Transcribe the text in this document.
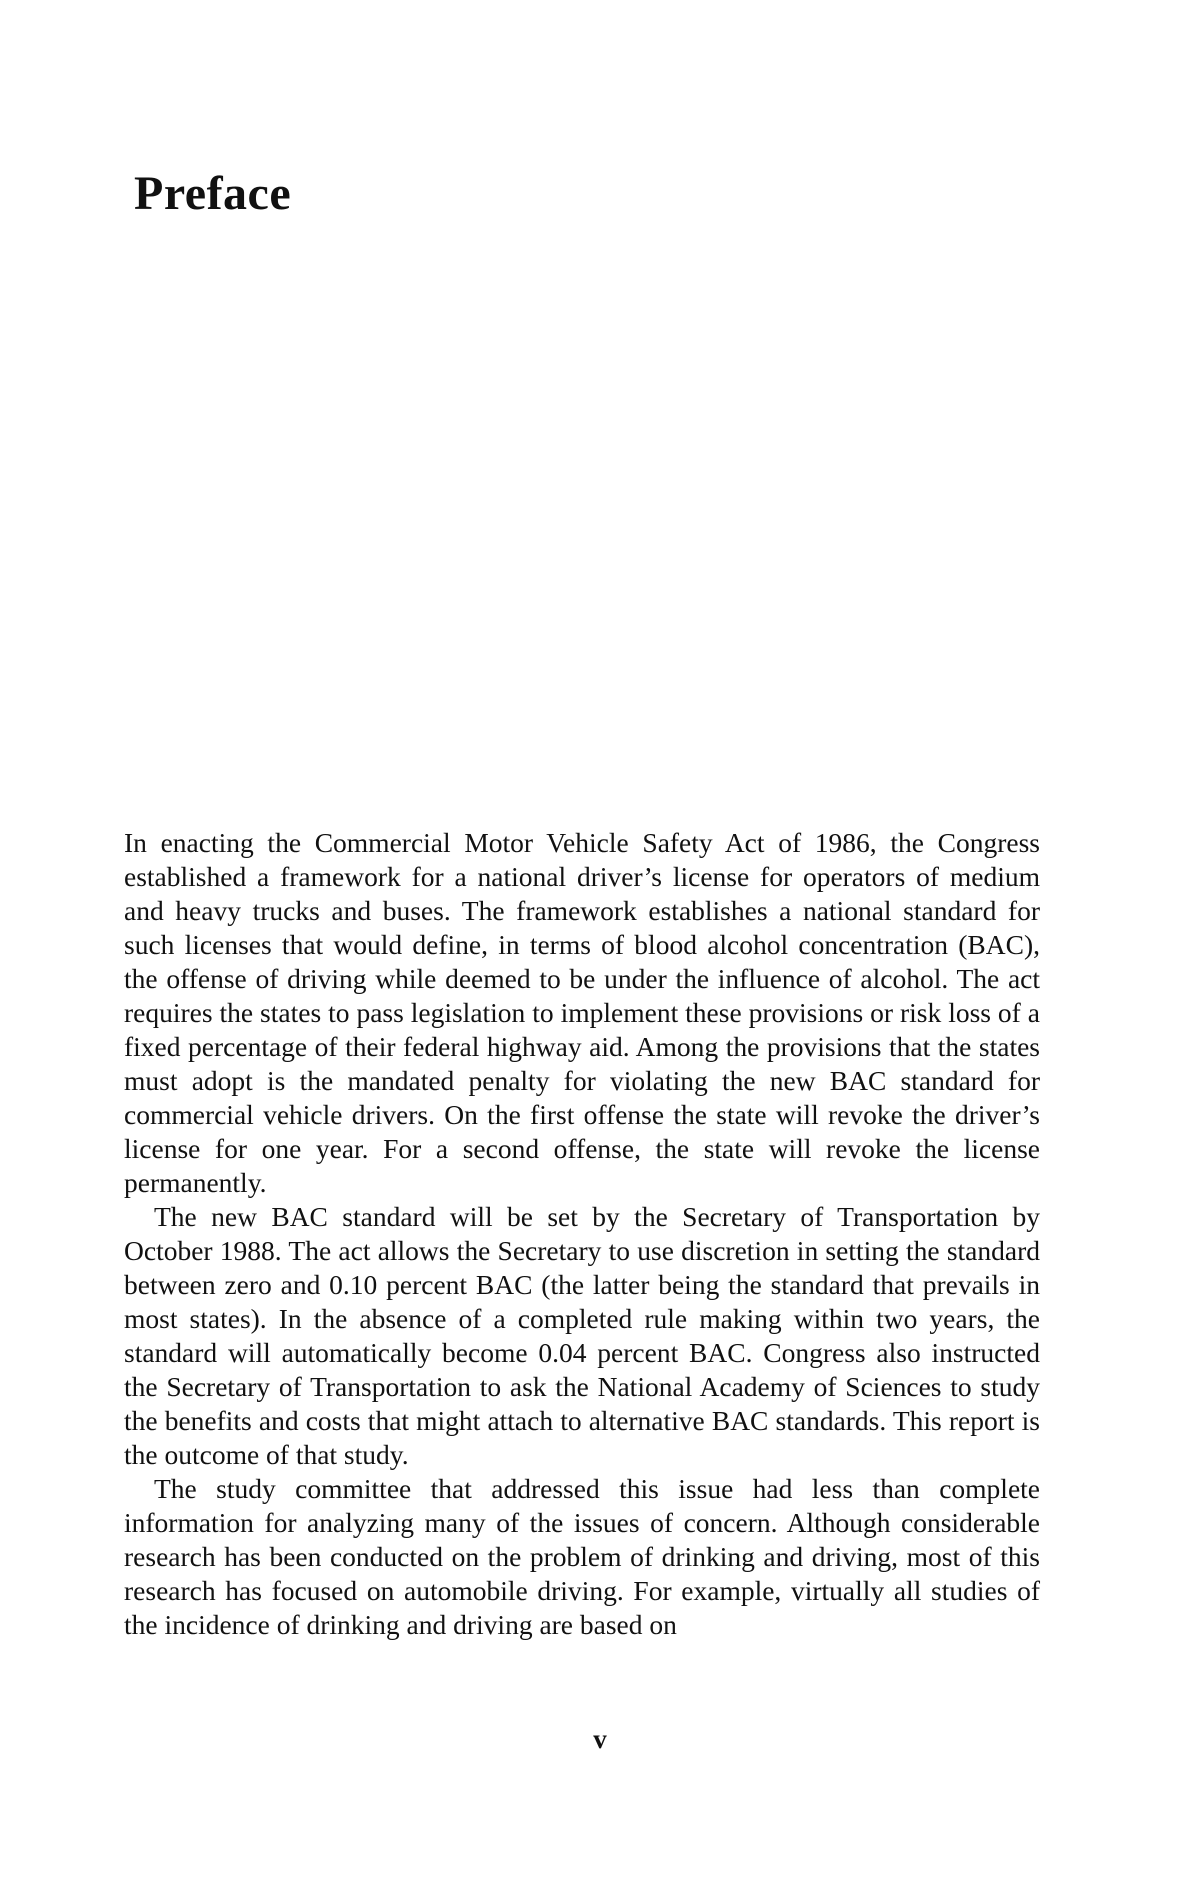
Preface

In enacting the Commercial Motor Vehicle Safety Act of 1986, the Congress established a framework for a national driver’s license for operators of medium and heavy trucks and buses. The framework establishes a national standard for such licenses that would define, in terms of blood alcohol concentration (BAC), the offense of driving while deemed to be under the influence of alcohol. The act requires the states to pass legislation to implement these provisions or risk loss of a fixed percentage of their federal highway aid. Among the provisions that the states must adopt is the mandated penalty for violating the new BAC standard for commercial vehicle drivers. On the first offense the state will revoke the driver’s license for one year. For a second offense, the state will revoke the license permanently.

The new BAC standard will be set by the Secretary of Transportation by October 1988. The act allows the Secretary to use discretion in setting the standard between zero and 0.10 percent BAC (the latter being the standard that prevails in most states). In the absence of a completed rule making within two years, the standard will automatically become 0.04 percent BAC. Congress also instructed the Secretary of Transportation to ask the National Academy of Sciences to study the benefits and costs that might attach to alternative BAC standards. This report is the outcome of that study.

The study committee that addressed this issue had less than complete information for analyzing many of the issues of concern. Although considerable research has been conducted on the problem of drinking and driving, most of this research has focused on automobile driving. For example, virtually all studies of the incidence of drinking and driving are based on

v
